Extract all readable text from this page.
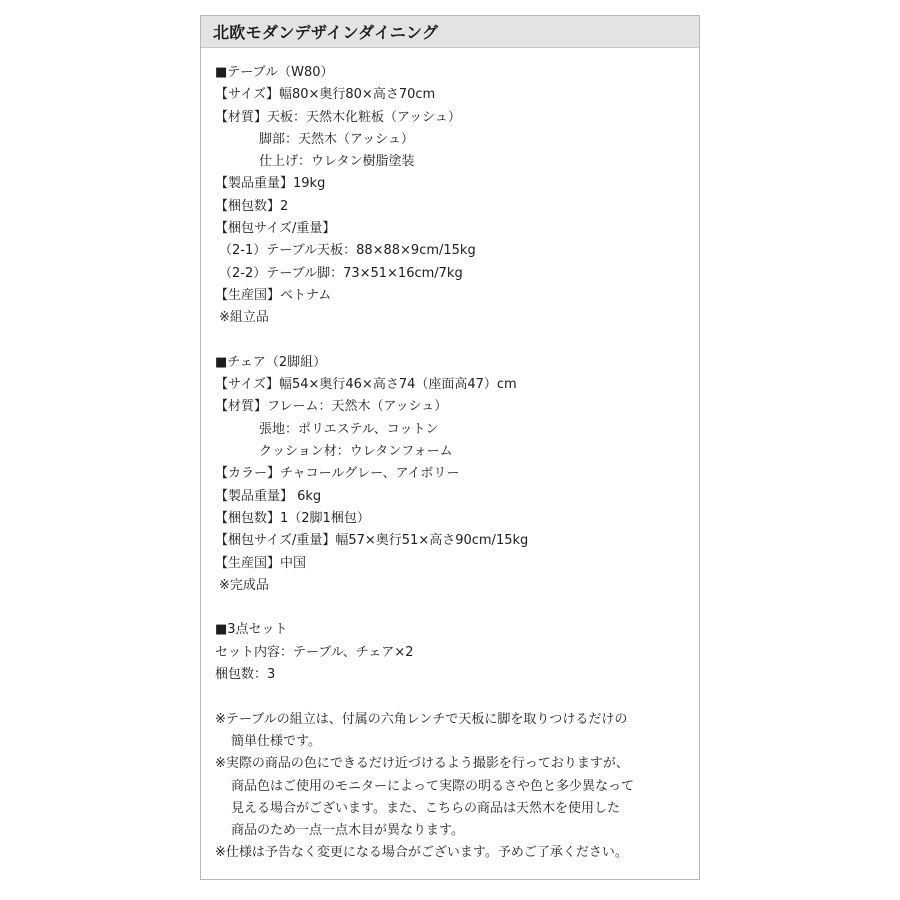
北欧モダンデザインダイニング
■テーブル（W80）
【サイズ】幅80×奥行80×高さ70cm
【材質】天板：天然木化粧板（アッシュ）
脚部：天然木（アッシュ）
仕上げ：ウレタン樹脂塗装
【製品重量】19kg
【梱包数】2
【梱包サイズ/重量】
（2-1）テーブル天板：88×88×9cm/15kg
（2-2）テーブル脚：73×51×16cm/7kg
【生産国】ベトナム
※組立品
■チェア（2脚組）
【サイズ】幅54×奥行46×高さ74（座面高47）cm
【材質】フレーム：天然木（アッシュ）
張地：ポリエステル、コットン
クッション材：ウレタンフォーム
【カラー】チャコールグレー、アイボリー
【製品重量】 6kg
【梱包数】1（2脚1梱包）
【梱包サイズ/重量】幅57×奥行51×高さ90cm/15kg
【生産国】中国
※完成品
■3点セット
セット内容：テーブル、チェア×2
梱包数：3
※テーブルの組立は、付属の六角レンチで天板に脚を取りつけるだけの
簡単仕様です。
※実際の商品の色にできるだけ近づけるよう撮影を行っておりますが、
商品色はご使用のモニターによって実際の明るさや色と多少異なって
見える場合がございます。また、こちらの商品は天然木を使用した
商品のため一点一点木目が異なります。
※仕様は予告なく変更になる場合がございます。予めご了承ください。
